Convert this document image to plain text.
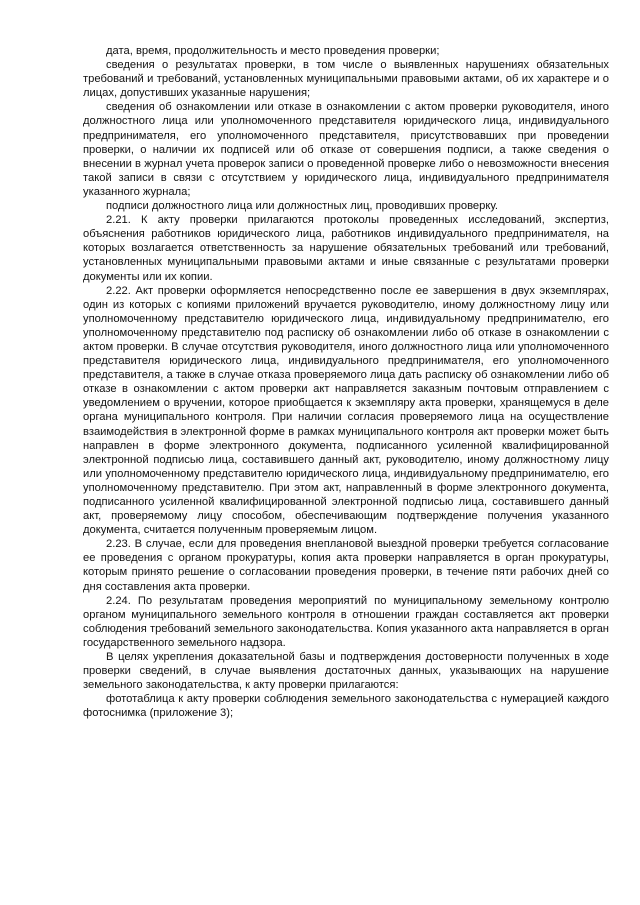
дата, время, продолжительность и место проведения проверки;

сведения о результатах проверки, в том числе о выявленных нарушениях обязательных требований и требований, установленных муниципальными правовыми актами, об их характере и о лицах, допустивших указанные нарушения;

сведения об ознакомлении или отказе в ознакомлении с актом проверки руководителя, иного должностного лица или уполномоченного представителя юридического лица, индивидуального предпринимателя, его уполномоченного представителя, присутствовавших при проведении проверки, о наличии их подписей или об отказе от совершения подписи, а также сведения о внесении в журнал учета проверок записи о проведенной проверке либо о невозможности внесения такой записи в связи с отсутствием у юридического лица, индивидуального предпринимателя указанного журнала;

подписи должностного лица или должностных лиц, проводивших проверку.

2.21. К акту проверки прилагаются протоколы проведенных исследований, экспертиз, объяснения работников юридического лица, работников индивидуального предпринимателя, на которых возлагается ответственность за нарушение обязательных требований или требований, установленных муниципальными правовыми актами и иные связанные с результатами проверки документы или их копии.

2.22. Акт проверки оформляется непосредственно после ее завершения в двух экземплярах, один из которых с копиями приложений вручается руководителю, иному должностному лицу или уполномоченному представителю юридического лица, индивидуальному предпринимателю, его уполномоченному представителю под расписку об ознакомлении либо об отказе в ознакомлении с актом проверки. В случае отсутствия руководителя, иного должностного лица или уполномоченного представителя юридического лица, индивидуального предпринимателя, его уполномоченного представителя, а также в случае отказа проверяемого лица дать расписку об ознакомлении либо об отказе в ознакомлении с актом проверки акт направляется заказным почтовым отправлением с уведомлением о вручении, которое приобщается к экземпляру акта проверки, хранящемуся в деле органа муниципального контроля. При наличии согласия проверяемого лица на осуществление взаимодействия в электронной форме в рамках муниципального контроля акт проверки может быть направлен в форме электронного документа, подписанного усиленной квалифицированной электронной подписью лица, составившего данный акт, руководителю, иному должностному лицу или уполномоченному представителю юридического лица, индивидуальному предпринимателю, его уполномоченному представителю. При этом акт, направленный в форме электронного документа, подписанного усиленной квалифицированной электронной подписью лица, составившего данный акт, проверяемому лицу способом, обеспечивающим подтверждение получения указанного документа, считается полученным проверяемым лицом.

2.23. В случае, если для проведения внеплановой выездной проверки требуется согласование ее проведения с органом прокуратуры, копия акта проверки направляется в орган прокуратуры, которым принято решение о согласовании проведения проверки, в течение пяти рабочих дней со дня составления акта проверки.

2.24. По результатам проведения мероприятий по муниципальному земельному контролю органом муниципального земельного контроля в отношении граждан составляется акт проверки соблюдения требований земельного законодательства. Копия указанного акта направляется в орган государственного земельного надзора.

В целях укрепления доказательной базы и подтверждения достоверности полученных в ходе проверки сведений, в случае выявления достаточных данных, указывающих на нарушение земельного законодательства, к акту проверки прилагаются:

фототаблица к акту проверки соблюдения земельного законодательства с нумерацией каждого фотоснимка (приложение 3);
